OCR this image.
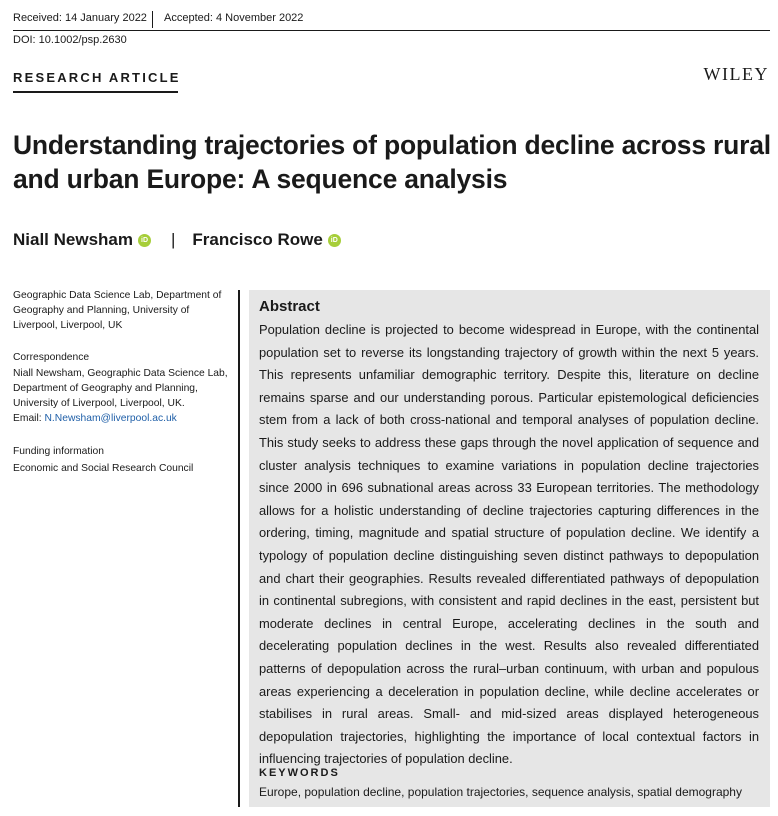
Received: 14 January 2022 Accepted: 4 November 2022
DOI: 10.1002/psp.2630
RESEARCH ARTICLE	WILEY
Understanding trajectories of population decline across rural and urban Europe: A sequence analysis
Niall Newsham	iD | Francisco Rowe	iD
Geographic Data Science Lab, Department of Geography and Planning, University of Liverpool, Liverpool, UK
Correspondence
Niall Newsham, Geographic Data Science Lab, Department of Geography and Planning, University of Liverpool, Liverpool, UK.
Email: N.Newsham@liverpool.ac.uk
Funding information
Economic and Social Research Council
Abstract
Population decline is projected to become widespread in Europe, with the continental population set to reverse its longstanding trajectory of growth within the next 5 years. This represents unfamiliar demographic territory. Despite this, literature on decline remains sparse and our understanding porous. Particular epistemological deficiencies stem from a lack of both cross-national and temporal analyses of population decline. This study seeks to address these gaps through the novel application of sequence and cluster analysis techniques to examine variations in population decline trajectories since 2000 in 696 subnational areas across 33 European territories. The methodology allows for a holistic understanding of decline trajectories capturing differences in the ordering, timing, magnitude and spatial structure of population decline. We identify a typology of population decline distinguishing seven distinct pathways to depopulation and chart their geographies. Results revealed differentiated pathways of depopulation in continental subregions, with consistent and rapid declines in the east, persistent but moderate declines in central Europe, accelerating declines in the south and decelerating population declines in the west. Results also revealed differentiated patterns of depopulation across the rural–urban continuum, with urban and populous areas experiencing a deceleration in population decline, while decline accelerates or stabilises in rural areas. Small- and mid-sized areas displayed heterogeneous depopulation trajectories, highlighting the importance of local contextual factors in influencing trajectories of population decline.
KEYWORDS
Europe, population decline, population trajectories, sequence analysis, spatial demography
